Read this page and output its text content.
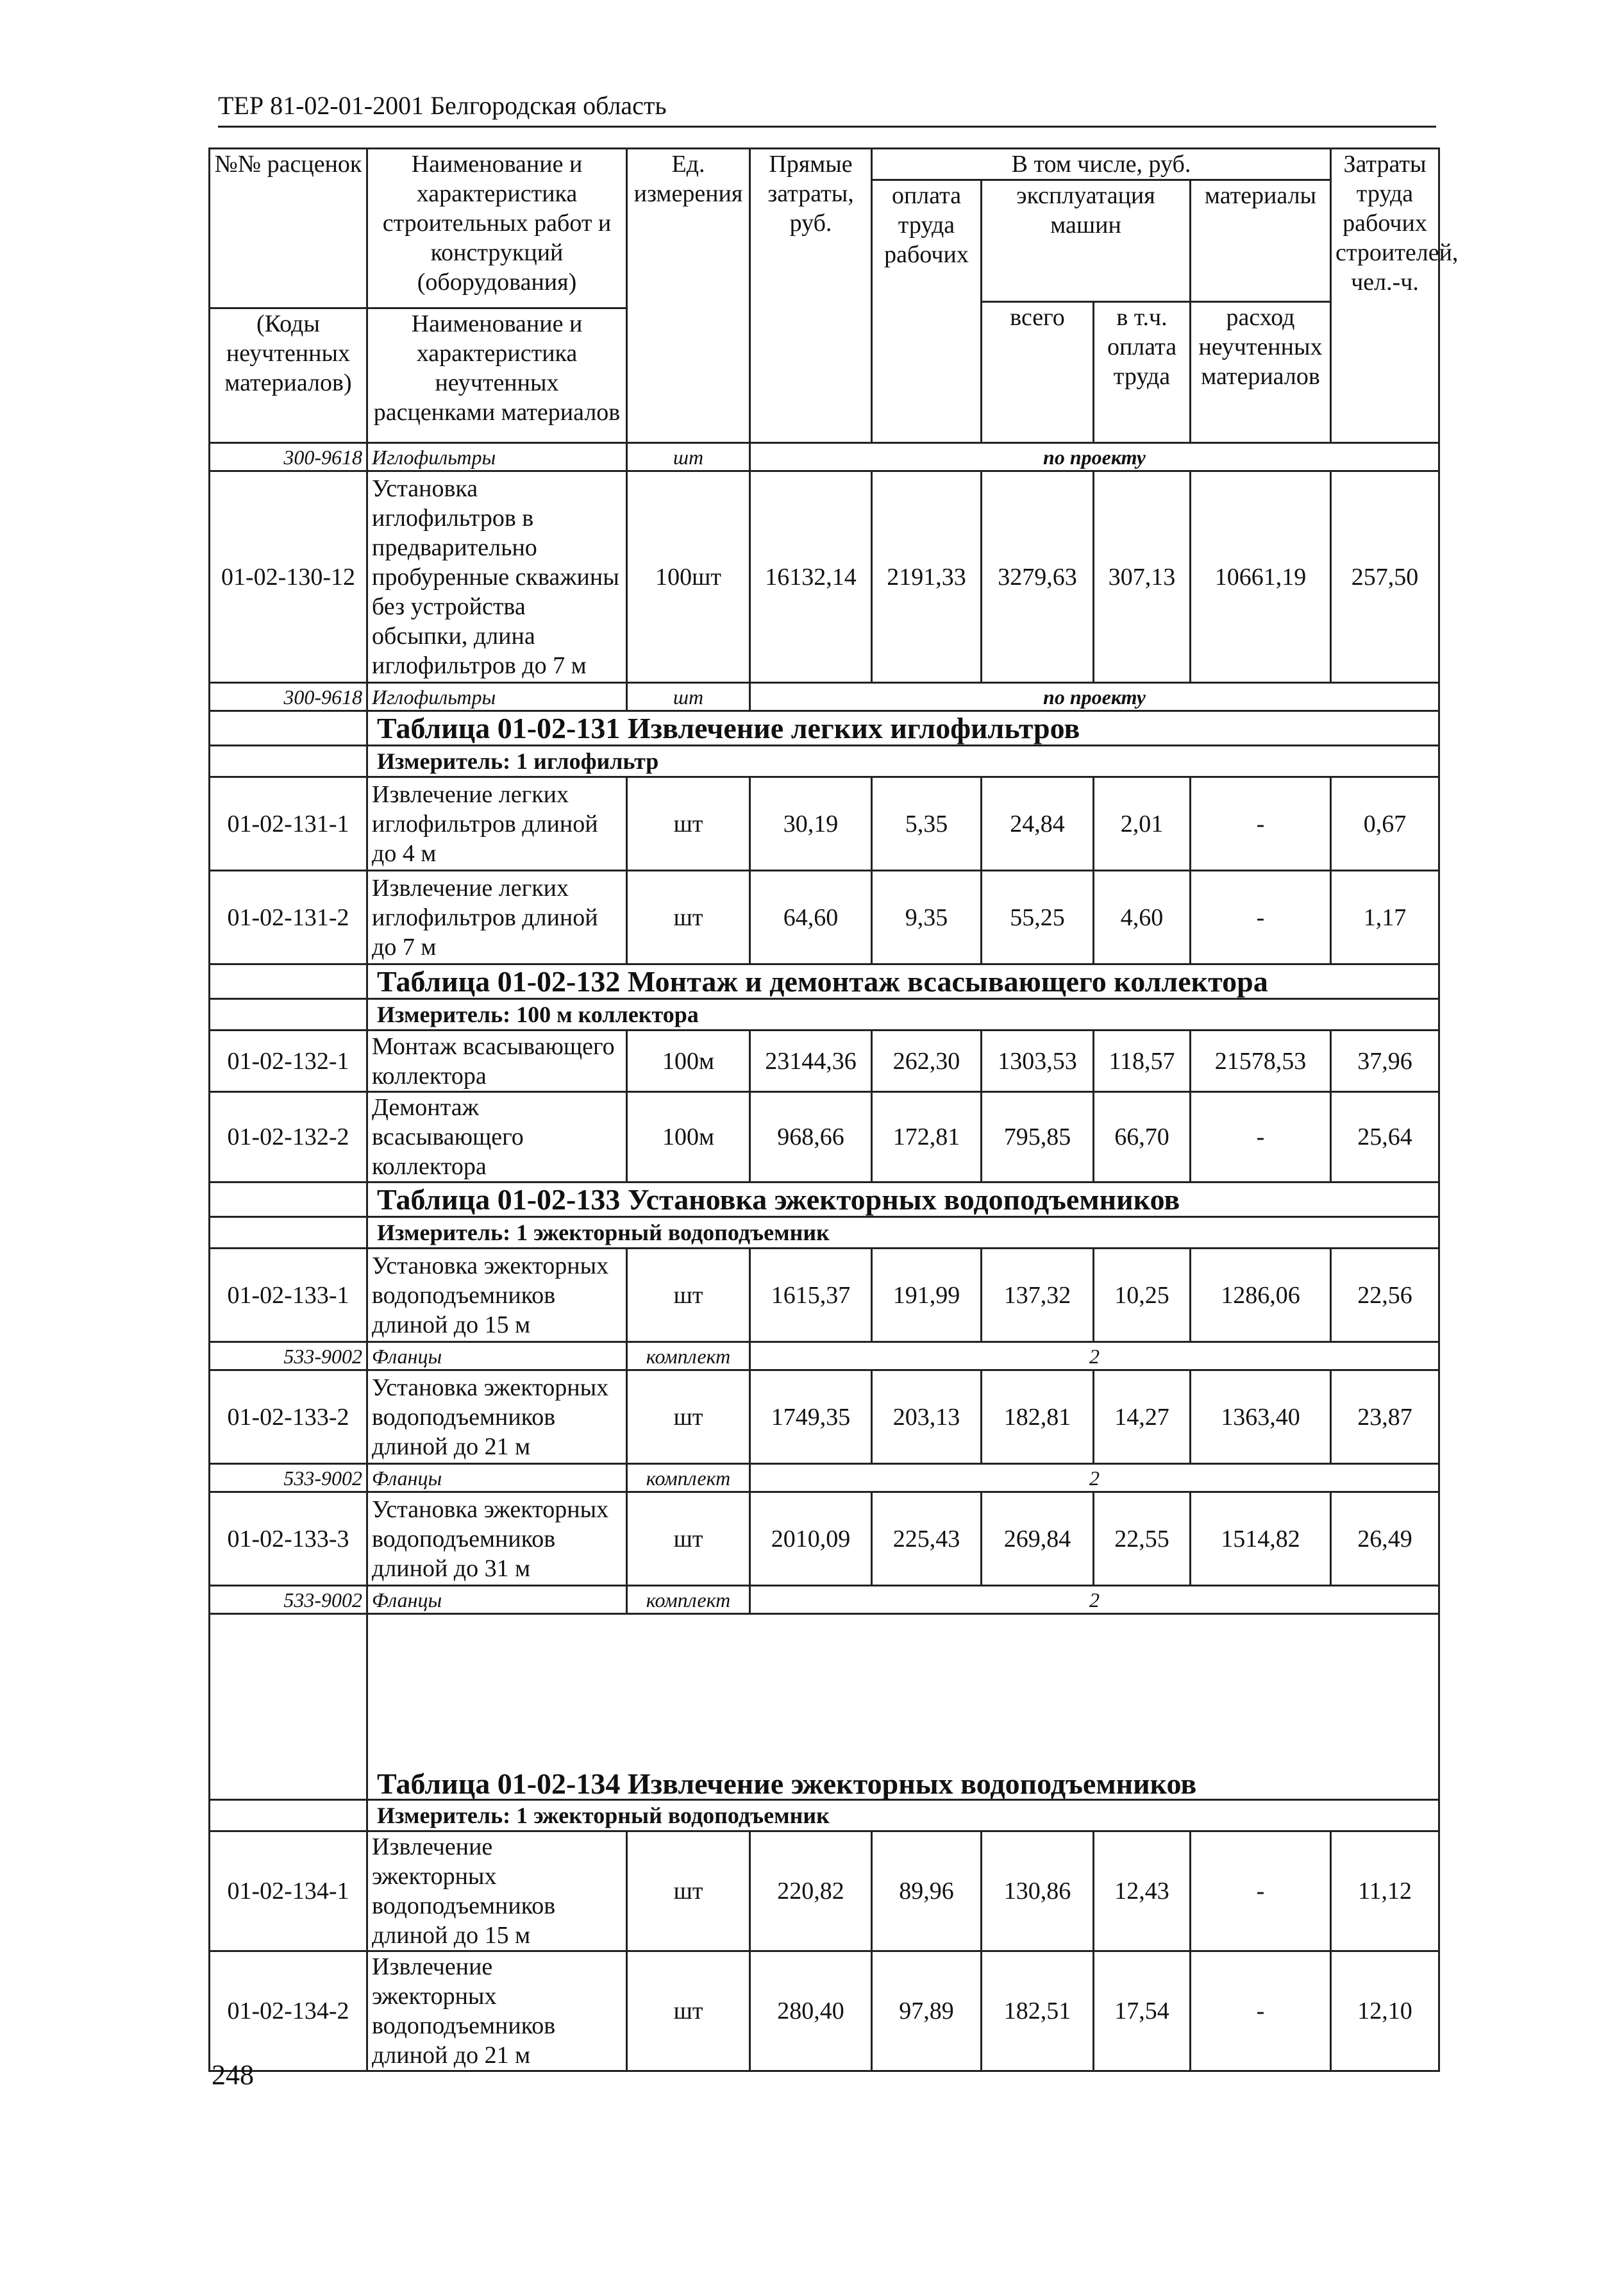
ТЕР 81-02-01-2001 Белгородская область
№№ расценок	Наименование и характеристика строительных работ и конструкций (оборудования)	Ед. измерения	Прямые затраты, руб.	В том числе, руб.				Затраты труда рабочих строителей, чел.-ч.
				оплата труда рабочих	эксплуатация машин		материалы	
					всего	в т.ч. оплата труда	расход неучтенных материалов	
(Коды неучтенных материалов)	Наименование и характеристика неучтенных расценками материалов							
300-9618	Иглофильтры	шт	по проекту					
01-02-130-12	Установка иглофильтров в предварительно пробуренные скважины без устройства обсыпки, длина иглофильтров до 7 м	100шт	16132,14	2191,33	3279,63	307,13	10661,19	257,50
300-9618	Иглофильтры	шт	по проекту					
	Таблица 01-02-131 Извлечение легких иглофильтров							
	Измеритель: 1 иглофильтр							
01-02-131-1	Извлечение легких иглофильтров длиной до 4 м	шт	30,19	5,35	24,84	2,01	-	0,67
01-02-131-2	Извлечение легких иглофильтров длиной до 7 м	шт	64,60	9,35	55,25	4,60	-	1,17
	Таблица 01-02-132 Монтаж и демонтаж всасывающего коллектора							
	Измеритель: 100 м коллектора							
01-02-132-1	Монтаж всасывающего коллектора	100м	23144,36	262,30	1303,53	118,57	21578,53	37,96
01-02-132-2	Демонтаж всасывающего коллектора	100м	968,66	172,81	795,85	66,70	-	25,64
	Таблица 01-02-133 Установка эжекторных водоподъемников							
	Измеритель: 1 эжекторный водоподъемник							
01-02-133-1	Установка эжекторных водоподъемников длиной до 15 м	шт	1615,37	191,99	137,32	10,25	1286,06	22,56
533-9002	Фланцы	комплект	2					
01-02-133-2	Установка эжекторных водоподъемников длиной до 21 м	шт	1749,35	203,13	182,81	14,27	1363,40	23,87
533-9002	Фланцы	комплект	2					
01-02-133-3	Установка эжекторных водоподъемников длиной до 31 м	шт	2010,09	225,43	269,84	22,55	1514,82	26,49
533-9002	Фланцы	комплект	2					
	Таблица 01-02-134 Извлечение эжекторных водоподъемников							
	Измеритель: 1 эжекторный водоподъемник							
01-02-134-1	Извлечение эжекторных водоподъемников длиной до 15 м	шт	220,82	89,96	130,86	12,43	-	11,12
01-02-134-2	Извлечение эжекторных водоподъемников длиной до 21 м	шт	280,40	97,89	182,51	17,54	-	12,10
248
